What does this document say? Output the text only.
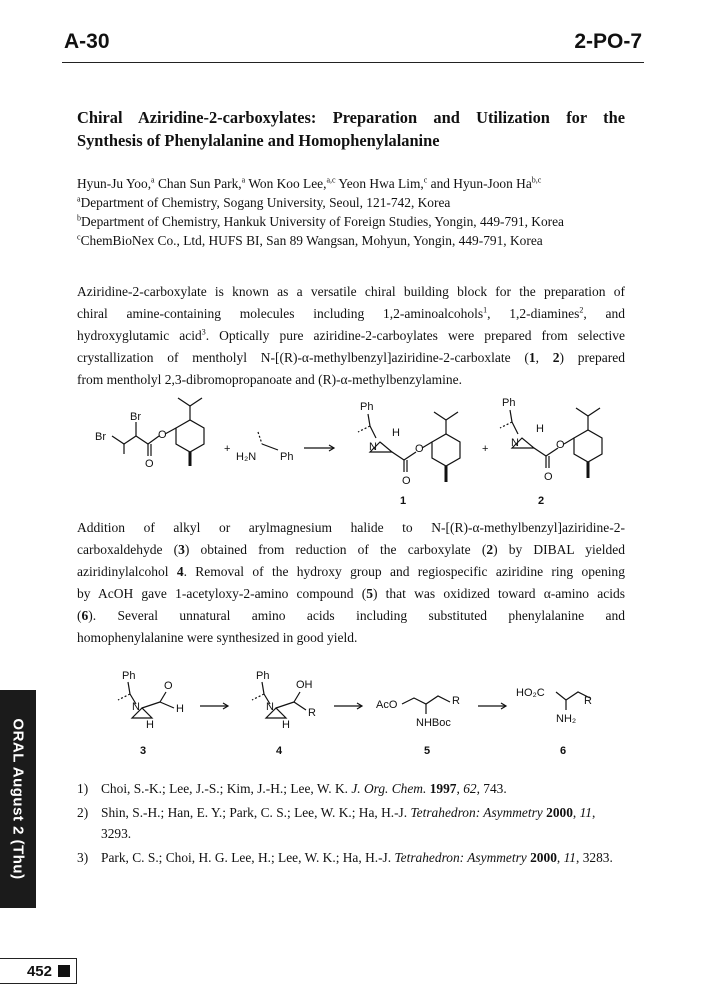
A-30	2-PO-7
Chiral Aziridine-2-carboxylates: Preparation and Utilization for the
Synthesis of Phenylalanine and Homophenylalanine
Hyun-Ju Yoo,$^a$ Chan Sun Park,$^a$ Won Koo Lee,$^{a,c}$ Yeon Hwa Lim,$^c$ and Hyun-Joon Ha$^{b,c}$
$^a$Department of Chemistry, Sogang University, Seoul, 121-742, Korea
$^b$Department of Chemistry, Hankuk University of Foreign Studies, Yongin, 449-791, Korea
$^c$ChemBioNex Co., Ltd, HUFS BI, San 89 Wangsan, Mohyun, Yongin, 449-791, Korea

Aziridine-2-carboxylate is known as a versatile chiral building block for the preparation of
chiral amine-containing molecules including 1,2-aminoalcohols$^1$, 1,2-diamines$^2$, and
hydroxyglutamic acid$^3$. Optically pure aziridine-2-carboylates were prepared from selective
crystallization of mentholyl N-[(R)-α-methylbenzyl]aziridine-2-carboxlate (1, 2) prepared
from mentholyl 2,3-dibromopropanoate and (R)-α-methylbenzylamine.

Br
Br	O
O
+
H₂N Ph
Ph
N
H
O
O
1
+
Ph
N
H
O
O
2

Addition of alkyl or arylmagnesium halide to N-[(R)-α-methylbenzyl]aziridine-2-
carboxaldehyde (3) obtained from reduction of the carboxylate (2) by DIBAL yielded
aziridinylalcohol 4. Removal of the hydroxy group and regiospecific aziridine ring opening
by AcOH gave 1-acetyloxy-2-amino compound (5) that was oxidized toward α-amino acids
(6). Several unnatural amino acids including substituted phenylalanine and
homophenylalanine were synthesized in good yield.

Ph
N
O
H
H
3
Ph
N
OH
R
H
4
AcO	R
NHBoc
5
HO₂C
R
NH₂
6
1) Choi, S.-K.; Lee, J.-S.; Kim, J.-H.; Lee, W. K. J. Org. Chem. 1997, 62, 743.
2) Shin, S.-H.; Han, E. Y.; Park, C. S.; Lee, W. K.; Ha, H.-J. Tetrahedron: Asymmetry 2000, 11, 3293.
3) Park, C. S.; Choi, H. G. Lee, H.; Lee, W. K.; Ha, H.-J. Tetrahedron: Asymmetry 2000, 11, 3283.
ORAL August 2 (Thu)
452
